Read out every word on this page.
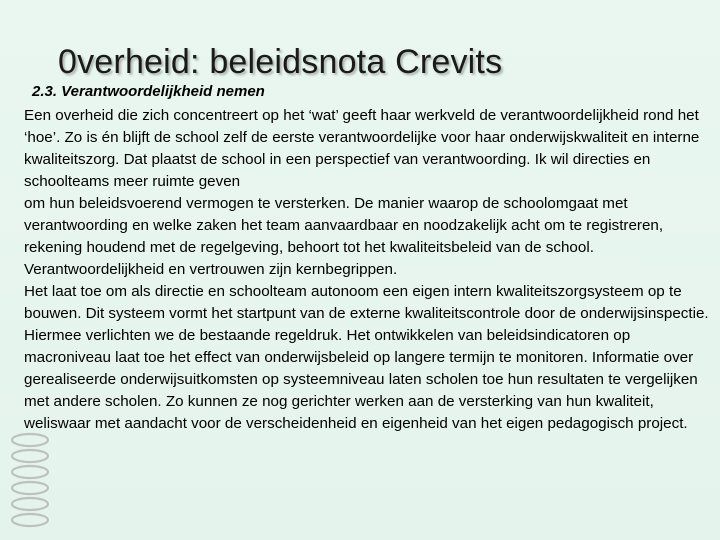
0verheid: beleidsnota Crevits
2.3. Verantwoordelijkheid nemen

Een overheid die zich concentreert op het ‘wat’ geeft haar werkveld de verantwoordelijkheid rond het ‘hoe’. Zo is én blijft de school zelf de eerste verantwoordelijke voor haar onderwijskwaliteit en interne kwaliteitszorg. Dat plaatst de school in een perspectief van verantwoording. Ik wil directies en schoolteams meer ruimte geven

om hun beleidsvoerend vermogen te versterken. De manier waarop de schoolomgaat met verantwoording en welke zaken het team aanvaardbaar en noodzakelijk acht om te registreren, rekening houdend met de regelgeving, behoort tot het kwaliteitsbeleid van de school. Verantwoordelijkheid en vertrouwen zijn kernbegrippen.

Het laat toe om als directie en schoolteam autonoom een eigen intern kwaliteitszorgsysteem op te bouwen. Dit systeem vormt het startpunt van de externe kwaliteitscontrole door de onderwijsinspectie. Hiermee verlichten we de bestaande regeldruk. Het ontwikkelen van beleidsindicatoren op macroniveau laat toe het effect van onderwijsbeleid op langere termijn te monitoren. Informatie over gerealiseerde onderwijsuitkomsten op systeemniveau laten scholen toe hun resultaten te vergelijken met andere scholen. Zo kunnen ze nog gerichter werken aan de versterking van hun kwaliteit, weliswaar met aandacht voor de verscheidenheid en eigenheid van het eigen pedagogisch project.
